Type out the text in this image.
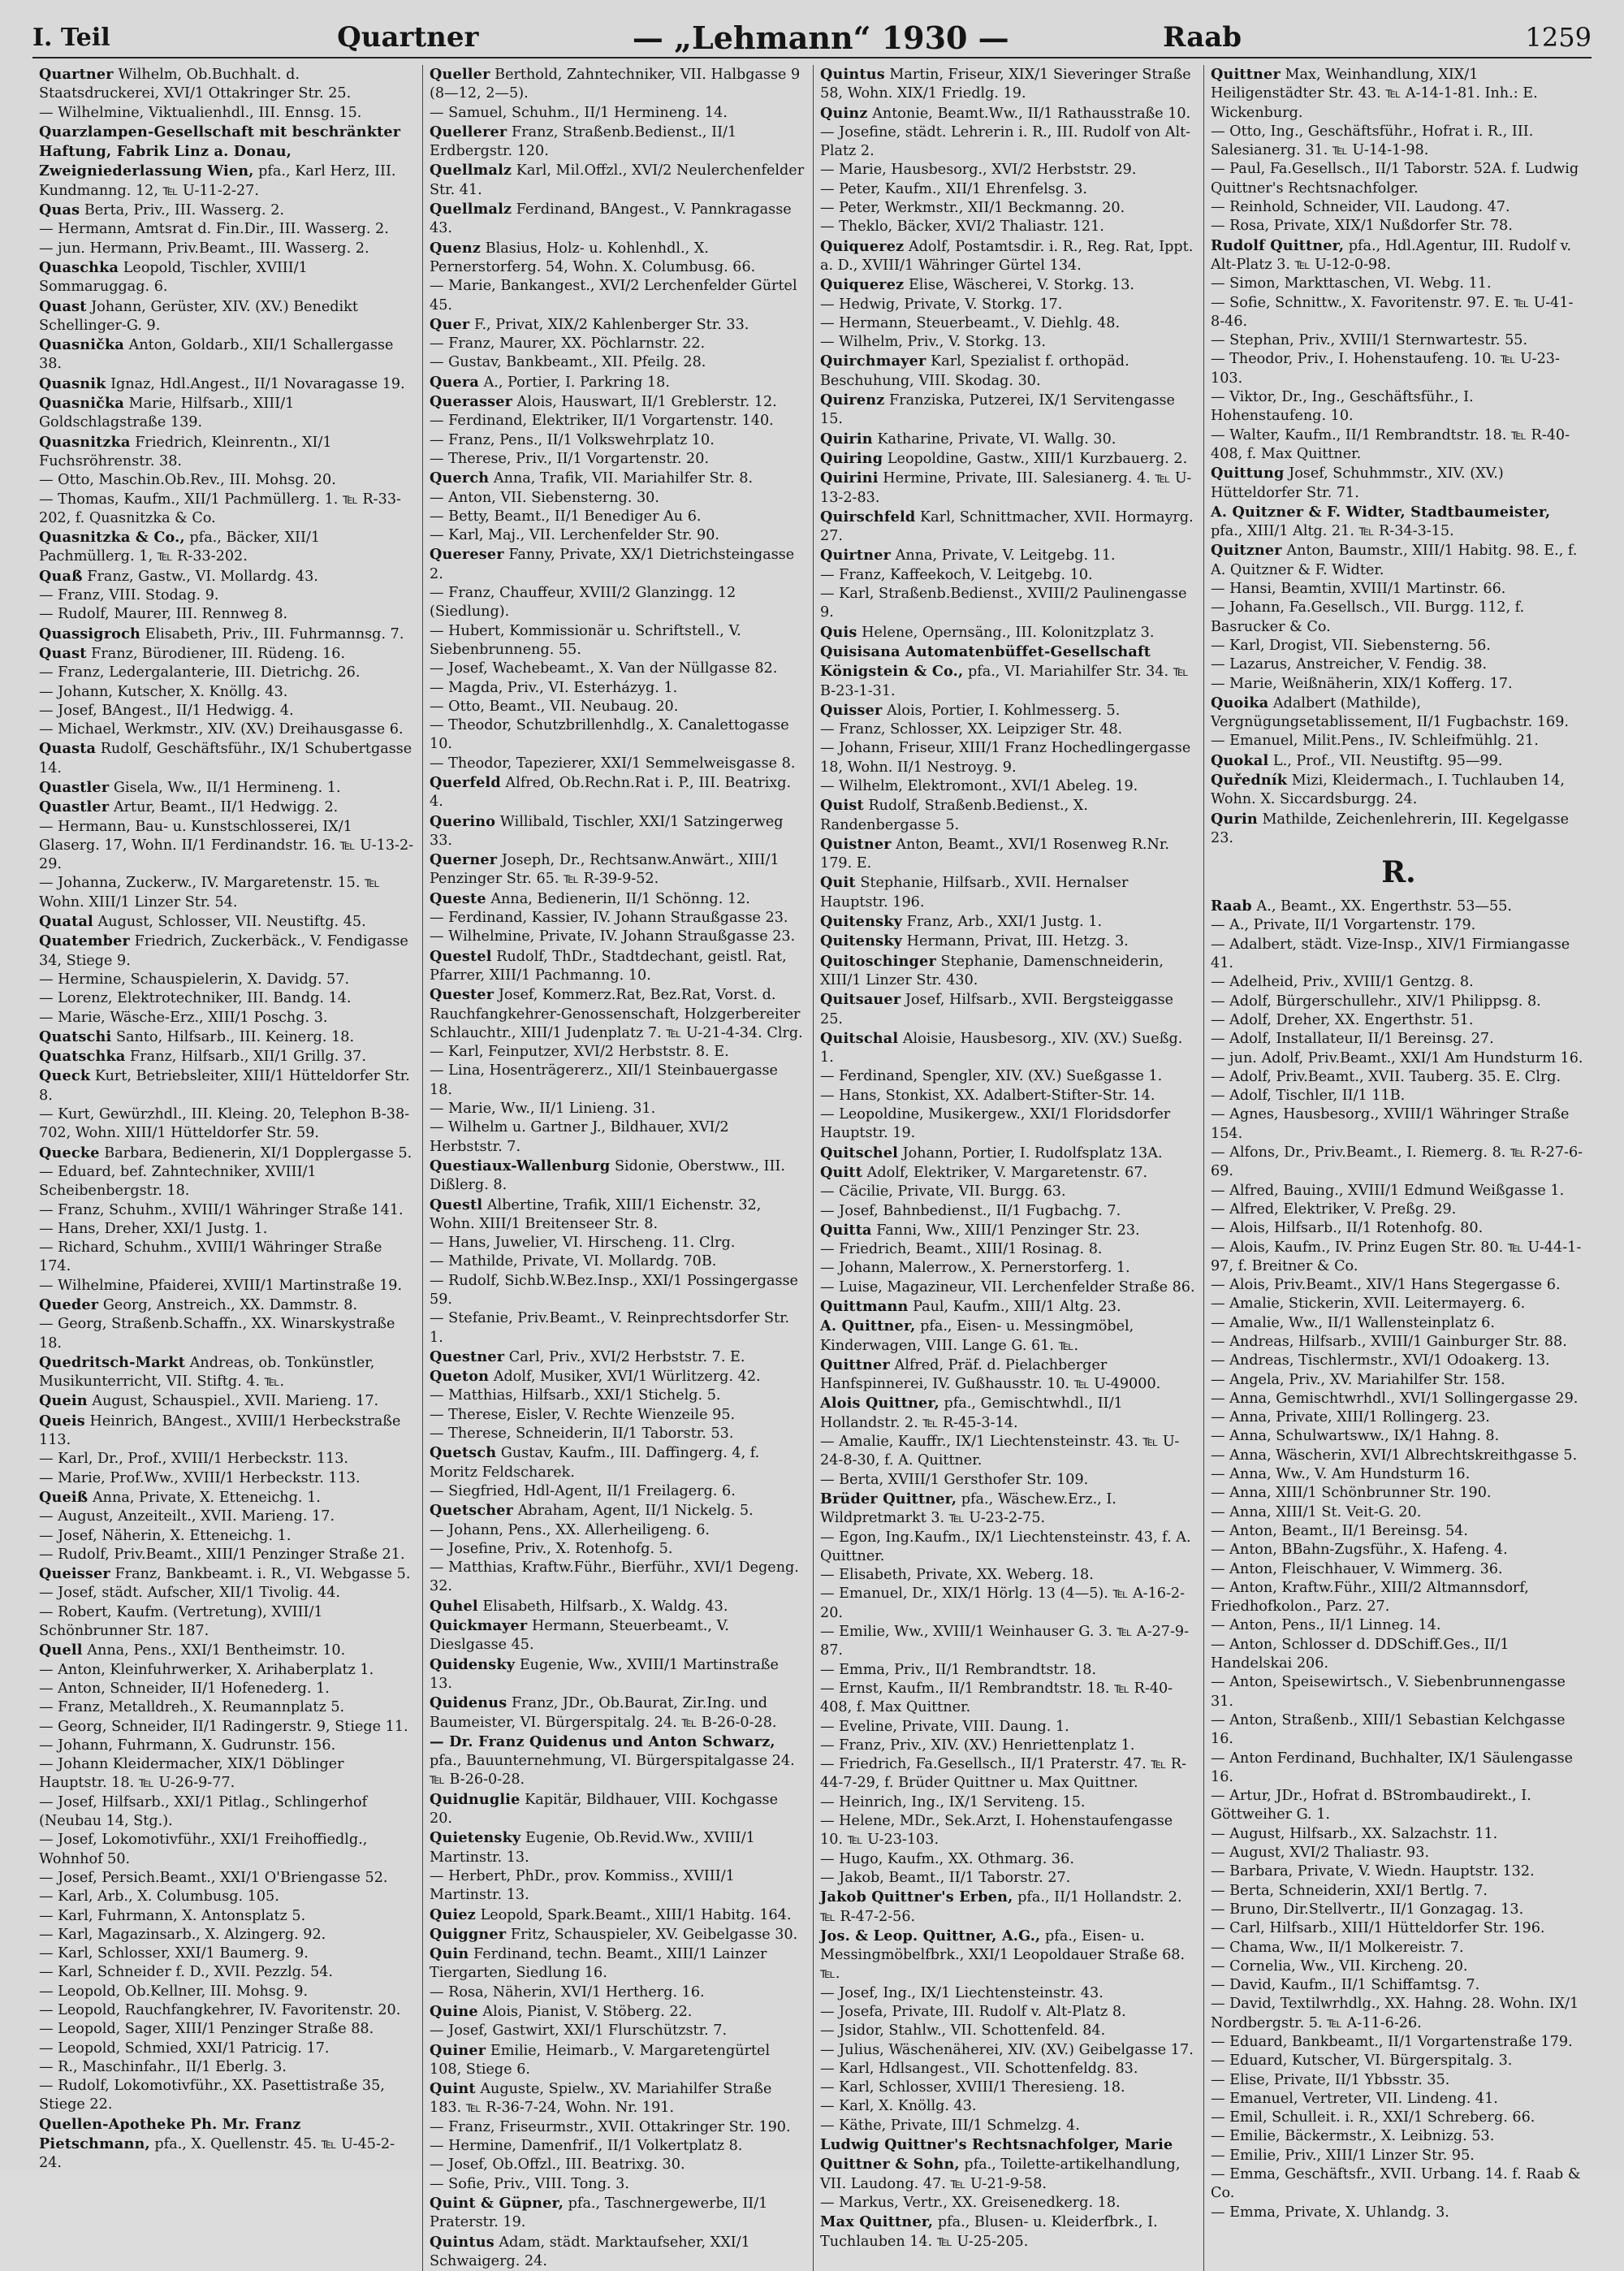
I. Teil	Quartner	— „Lehmann“ 1930 —	Raab	1259

Quartner Wilhelm, Ob.Buchhalt. d. Staatsdruckerei, XVI/1 Ottakringer Str. 25.

— Wilhelmine, Viktualienhdl., III. Ennsg. 15.

Quarzlampen-Gesellschaft mit beschränkter Haftung, Fabrik Linz a. Donau, Zweigniederlassung Wien, pfa., Karl Herz, III. Kundmanng. 12, ℡ U-11-2-27.

Quas Berta, Priv., III. Wasserg. 2.

— Hermann, Amtsrat d. Fin.Dir., III. Wasserg. 2.

— jun. Hermann, Priv.Beamt., III. Wasserg. 2.

Quaschka Leopold, Tischler, XVIII/1 Sommaruggag. 6.

Quast Johann, Gerüster, XIV. (XV.) Benedikt Schellinger-G. 9.

Quasnička Anton, Goldarb., XII/1 Schallergasse 38.

Quasnik Ignaz, Hdl.Angest., II/1 Novaragasse 19.

Quasnička Marie, Hilfsarb., XIII/1 Goldschlagstraße 139.

Quasnitzka Friedrich, Kleinrentn., XI/1 Fuchsröhrenstr. 38.

— Otto, Maschin.Ob.Rev., III. Mohsg. 20.

— Thomas, Kaufm., XII/1 Pachmüllerg. 1. ℡ R-33-202, f. Quasnitzka & Co.

Quasnitzka & Co., pfa., Bäcker, XII/1 Pachmüllerg. 1, ℡ R-33-202.

Quaß Franz, Gastw., VI. Mollardg. 43.

— Franz, VIII. Stodag. 9.

— Rudolf, Maurer, III. Rennweg 8.

Quassigroch Elisabeth, Priv., III. Fuhrmannsg. 7.

Quast Franz, Bürodiener, III. Rüdeng. 16.

— Franz, Ledergalanterie, III. Dietrichg. 26.

— Johann, Kutscher, X. Knöllg. 43.

— Josef, BAngest., II/1 Hedwigg. 4.

— Michael, Werkmstr., XIV. (XV.) Dreihausgasse 6.

Quasta Rudolf, Geschäftsführ., IX/1 Schubertgasse 14.

Quastler Gisela, Ww., II/1 Hermineng. 1.

Quastler Artur, Beamt., II/1 Hedwigg. 2.

— Hermann, Bau- u. Kunstschlosserei, IX/1 Glaserg. 17, Wohn. II/1 Ferdinandstr. 16. ℡ U-13-2-29.

— Johanna, Zuckerw., IV. Margaretenstr. 15. ℡ Wohn. XIII/1 Linzer Str. 54.

Quatal August, Schlosser, VII. Neustiftg. 45.

Quatember Friedrich, Zuckerbäck., V. Fendigasse 34, Stiege 9.

— Hermine, Schauspielerin, X. Davidg. 57.

— Lorenz, Elektrotechniker, III. Bandg. 14.

— Marie, Wäsche-Erz., XIII/1 Poschg. 3.

Quatschi Santo, Hilfsarb., III. Keinerg. 18.

Quatschka Franz, Hilfsarb., XII/1 Grillg. 37.

Queck Kurt, Betriebsleiter, XIII/1 Hütteldorfer Str. 8.

— Kurt, Gewürzhdl., III. Kleing. 20, Telephon B-38-702, Wohn. XIII/1 Hütteldorfer Str. 59.

Quecke Barbara, Bedienerin, XI/1 Dopplergasse 5.

— Eduard, bef. Zahntechniker, XVIII/1 Scheibenbergstr. 18.

— Franz, Schuhm., XVIII/1 Währinger Straße 141.

— Hans, Dreher, XXI/1 Justg. 1.

— Richard, Schuhm., XVIII/1 Währinger Straße 174.

— Wilhelmine, Pfaiderei, XVIII/1 Martinstraße 19.

Queder Georg, Anstreich., XX. Dammstr. 8.

— Georg, Straßenb.Schaffn., XX. Winarskystraße 18.

Quedritsch-Markt Andreas, ob. Tonkünstler, Musikunterricht, VII. Stiftg. 4. ℡.

Quein August, Schauspiel., XVII. Marieng. 17.

Queis Heinrich, BAngest., XVIII/1 Herbeckstraße 113.

— Karl, Dr., Prof., XVIII/1 Herbeckstr. 113.

— Marie, Prof.Ww., XVIII/1 Herbeckstr. 113.

Queiß Anna, Private, X. Etteneichg. 1.

— August, Anzeiteilt., XVII. Marieng. 17.

— Josef, Näherin, X. Etteneichg. 1.

— Rudolf, Priv.Beamt., XIII/1 Penzinger Straße 21.

Queisser Franz, Bankbeamt. i. R., VI. Webgasse 5.

— Josef, städt. Aufscher, XII/1 Tivolig. 44.

— Robert, Kaufm. (Vertretung), XVIII/1 Schönbrunner Str. 187.

Quell Anna, Pens., XXI/1 Bentheimstr. 10.

— Anton, Kleinfuhrwerker, X. Arihaberplatz 1.

— Anton, Schneider, II/1 Hofenederg. 1.

— Franz, Metalldreh., X. Reumannplatz 5.

— Georg, Schneider, II/1 Radingerstr. 9, Stiege 11.

— Johann, Fuhrmann, X. Gudrunstr. 156.

— Johann Kleidermacher, XIX/1 Döblinger Hauptstr. 18. ℡ U-26-9-77.

— Josef, Hilfsarb., XXI/1 Pitlag., Schlingerhof (Neubau 14, Stg.).

— Josef, Lokomotivführ., XXI/1 Freihoffiedlg., Wohnhof 50.

— Josef, Persich.Beamt., XXI/1 O'Briengasse 52.

— Karl, Arb., X. Columbusg. 105.

— Karl, Fuhrmann, X. Antonsplatz 5.

— Karl, Magazinsarb., X. Alzingerg. 92.

— Karl, Schlosser, XXI/1 Baumerg. 9.

— Karl, Schneider f. D., XVII. Pezzlg. 54.

— Leopold, Ob.Kellner, III. Mohsg. 9.

— Leopold, Rauchfangkehrer, IV. Favoritenstr. 20.

— Leopold, Sager, XIII/1 Penzinger Straße 88.

— Leopold, Schmied, XXI/1 Patricig. 17.

— R., Maschinfahr., II/1 Eberlg. 3.

— Rudolf, Lokomotivführ., XX. Pasettistraße 35, Stiege 22.

Quellen-Apotheke Ph. Mr. Franz Pietschmann, pfa., X. Quellenstr. 45. ℡ U-45-2-24.

Queller Berthold, Zahntechniker, VII. Halbgasse 9 (8—12, 2—5).

— Samuel, Schuhm., II/1 Hermineng. 14.

Quellerer Franz, Straßenb.Bedienst., II/1 Erdbergstr. 120.

Quellmalz Karl, Mil.Offzl., XVI/2 Neulerchenfelder Str. 41.

Quellmalz Ferdinand, BAngest., V. Pannkragasse 43.

Quenz Blasius, Holz- u. Kohlenhdl., X. Pernerstorferg. 54, Wohn. X. Columbusg. 66.

— Marie, Bankangest., XVI/2 Lerchenfelder Gürtel 45.

Quer F., Privat, XIX/2 Kahlenberger Str. 33.

— Franz, Maurer, XX. Pöchlarnstr. 22.

— Gustav, Bankbeamt., XII. Pfeilg. 28.

Quera A., Portier, I. Parkring 18.

Querasser Alois, Hauswart, II/1 Greblerstr. 12.

— Ferdinand, Elektriker, II/1 Vorgartenstr. 140.

— Franz, Pens., II/1 Volkswehrplatz 10.

— Therese, Priv., II/1 Vorgartenstr. 20.

Querch Anna, Trafik, VII. Mariahilfer Str. 8.

— Anton, VII. Siebensterng. 30.

— Betty, Beamt., II/1 Benediger Au 6.

— Karl, Maj., VII. Lerchenfelder Str. 90.

Quereser Fanny, Private, XX/1 Dietrichsteingasse 2.

— Franz, Chauffeur, XVIII/2 Glanzingg. 12 (Siedlung).

— Hubert, Kommissionär u. Schriftstell., V. Siebenbrunneng. 55.

— Josef, Wachebeamt., X. Van der Nüllgasse 82.

— Magda, Priv., VI. Esterházyg. 1.

— Otto, Beamt., VII. Neubaug. 20.

— Theodor, Schutzbrillenhdlg., X. Canalettogasse 10.

— Theodor, Tapezierer, XXI/1 Semmelweisgasse 8.

Querfeld Alfred, Ob.Rechn.Rat i. P., III. Beatrixg. 4.

Querino Willibald, Tischler, XXI/1 Satzingerweg 33.

Querner Joseph, Dr., Rechtsanw.Anwärt., XIII/1 Penzinger Str. 65. ℡ R-39-9-52.

Queste Anna, Bedienerin, II/1 Schönng. 12.

— Ferdinand, Kassier, IV. Johann Straußgasse 23.

— Wilhelmine, Private, IV. Johann Straußgasse 23.

Questel Rudolf, ThDr., Stadtdechant, geistl. Rat, Pfarrer, XIII/1 Pachmanng. 10.

Quester Josef, Kommerz.Rat, Bez.Rat, Vorst. d. Rauchfangkehrer-Genossenschaft, Holzgerbereiter Schlauchtr., XIII/1 Judenplatz 7. ℡ U-21-4-34. Clrg.

— Karl, Feinputzer, XVI/2 Herbststr. 8. E.

— Lina, Hosenträgererz., XII/1 Steinbauergasse 18.

— Marie, Ww., II/1 Linieng. 31.

— Wilhelm u. Gartner J., Bildhauer, XVI/2 Herbststr. 7.

Questiaux-Wallenburg Sidonie, Oberstww., III. Dißlerg. 8.

Questl Albertine, Trafik, XIII/1 Eichenstr. 32, Wohn. XIII/1 Breitenseer Str. 8.

— Hans, Juwelier, VI. Hirscheng. 11. Clrg.

— Mathilde, Private, VI. Mollardg. 70B.

— Rudolf, Sichb.W.Bez.Insp., XXI/1 Possingergasse 59.

— Stefanie, Priv.Beamt., V. Reinprechtsdorfer Str. 1.

Questner Carl, Priv., XVI/2 Herbststr. 7. E.

Queton Adolf, Musiker, XVI/1 Würlitzerg. 42.

— Matthias, Hilfsarb., XXI/1 Stichelg. 5.

— Therese, Eisler, V. Rechte Wienzeile 95.

— Therese, Schneiderin, II/1 Taborstr. 53.

Quetsch Gustav, Kaufm., III. Daffingerg. 4, f. Moritz Feldscharek.

— Siegfried, Hdl-Agent, II/1 Freilagerg. 6.

Quetscher Abraham, Agent, II/1 Nickelg. 5.

— Johann, Pens., XX. Allerheiligeng. 6.

— Josefine, Priv., X. Rotenhofg. 5.

— Matthias, Kraftw.Führ., Bierführ., XVI/1 Degeng. 32.

Quhel Elisabeth, Hilfsarb., X. Waldg. 43.

Quickmayer Hermann, Steuerbeamt., V. Dieslgasse 45.

Quidensky Eugenie, Ww., XVIII/1 Martinstraße 13.

Quidenus Franz, JDr., Ob.Baurat, Zir.Ing. und Baumeister, VI. Bürgerspitalg. 24. ℡ B-26-0-28.

— Dr. Franz Quidenus und Anton Schwarz, pfa., Bauunternehmung, VI. Bürgerspitalgasse 24. ℡ B-26-0-28.

Quidnuglie Kapitär, Bildhauer, VIII. Kochgasse 20.

Quietensky Eugenie, Ob.Revid.Ww., XVIII/1 Martinstr. 13.

— Herbert, PhDr., prov. Kommiss., XVIII/1 Martinstr. 13.

Quiez Leopold, Spark.Beamt., XIII/1 Habitg. 164.

Quiggner Fritz, Schauspieler, XV. Geibelgasse 30.

Quin Ferdinand, techn. Beamt., XIII/1 Lainzer Tiergarten, Siedlung 16.

— Rosa, Näherin, XVI/1 Hertherg. 16.

Quine Alois, Pianist, V. Stöberg. 22.

— Josef, Gastwirt, XXI/1 Flurschützstr. 7.

Quiner Emilie, Heimarb., V. Margaretengürtel 108, Stiege 6.

Quint Auguste, Spielw., XV. Mariahilfer Straße 183. ℡ R-36-7-24, Wohn. Nr. 191.

— Franz, Friseurmstr., XVII. Ottakringer Str. 190.

— Hermine, Damenfrif., II/1 Volkertplatz 8.

— Josef, Ob.Offzl., III. Beatrixg. 30.

— Sofie, Priv., VIII. Tong. 3.

Quint & Güpner, pfa., Taschnergewerbe, II/1 Praterstr. 19.

Quintus Adam, städt. Marktaufseher, XXI/1 Schwaigerg. 24.

Quintus Martin, Friseur, XIX/1 Sieveringer Straße 58, Wohn. XIX/1 Friedlg. 19.

Quinz Antonie, Beamt.Ww., II/1 Rathausstraße 10.

— Josefine, städt. Lehrerin i. R., III. Rudolf von Alt-Platz 2.

— Marie, Hausbesorg., XVI/2 Herbststr. 29.

— Peter, Kaufm., XII/1 Ehrenfelsg. 3.

— Peter, Werkmstr., XII/1 Beckmanng. 20.

— Theklo, Bäcker, XVI/2 Thaliastr. 121.

Quiquerez Adolf, Postamtsdir. i. R., Reg. Rat, Ippt. a. D., XVIII/1 Währinger Gürtel 134.

Quiquerez Elise, Wäscherei, V. Storkg. 13.

— Hedwig, Private, V. Storkg. 17.

— Hermann, Steuerbeamt., V. Diehlg. 48.

— Wilhelm, Priv., V. Storkg. 13.

Quirchmayer Karl, Spezialist f. orthopäd. Beschuhung, VIII. Skodag. 30.

Quirenz Franziska, Putzerei, IX/1 Servitengasse 15.

Quirin Katharine, Private, VI. Wallg. 30.

Quiring Leopoldine, Gastw., XIII/1 Kurzbauerg. 2.

Quirini Hermine, Private, III. Salesianerg. 4. ℡ U-13-2-83.

Quirschfeld Karl, Schnittmacher, XVII. Hormayrg. 27.

Quirtner Anna, Private, V. Leitgebg. 11.

— Franz, Kaffeekoch, V. Leitgebg. 10.

— Karl, Straßenb.Bedienst., XVIII/2 Paulinengasse 9.

Quis Helene, Opernsäng., III. Kolonitzplatz 3.

Quisisana Automatenbüffet-Gesellschaft Königstein & Co., pfa., VI. Mariahilfer Str. 34. ℡ B-23-1-31.

Quisser Alois, Portier, I. Kohlmesserg. 5.

— Franz, Schlosser, XX. Leipziger Str. 48.

— Johann, Friseur, XIII/1 Franz Hochedlingergasse 18, Wohn. II/1 Nestroyg. 9.

— Wilhelm, Elektromont., XVI/1 Abeleg. 19.

Quist Rudolf, Straßenb.Bedienst., X. Randenbergasse 5.

Quistner Anton, Beamt., XVI/1 Rosenweg R.Nr. 179. E.

Quit Stephanie, Hilfsarb., XVII. Hernalser Hauptstr. 196.

Quitensky Franz, Arb., XXI/1 Justg. 1.

Quitensky Hermann, Privat, III. Hetzg. 3.

Quitoschinger Stephanie, Damenschneiderin, XIII/1 Linzer Str. 430.

Quitsauer Josef, Hilfsarb., XVII. Bergsteiggasse 25.

Quitschal Aloisie, Hausbesorg., XIV. (XV.) Sueßg. 1.

— Ferdinand, Spengler, XIV. (XV.) Sueßgasse 1.

— Hans, Stonkist, XX. Adalbert-Stifter-Str. 14.

— Leopoldine, Musikergew., XXI/1 Floridsdorfer Hauptstr. 19.

Quitschel Johann, Portier, I. Rudolfsplatz 13A.

Quitt Adolf, Elektriker, V. Margaretenstr. 67.

— Cäcilie, Private, VII. Burgg. 63.

— Josef, Bahnbedienst., II/1 Fugbachg. 7.

Quitta Fanni, Ww., XIII/1 Penzinger Str. 23.

— Friedrich, Beamt., XIII/1 Rosinag. 8.

— Johann, Malerrow., X. Pernerstorferg. 1.

— Luise, Magazineur, VII. Lerchenfelder Straße 86.

Quittmann Paul, Kaufm., XIII/1 Altg. 23.

A. Quittner, pfa., Eisen- u. Messingmöbel, Kinderwagen, VIII. Lange G. 61. ℡.

Quittner Alfred, Präf. d. Pielachberger Hanfspinnerei, IV. Gußhausstr. 10. ℡ U-49000.

Alois Quittner, pfa., Gemischtwhdl., II/1 Hollandstr. 2. ℡ R-45-3-14.

— Amalie, Kauffr., IX/1 Liechtensteinstr. 43. ℡ U-24-8-30, f. A. Quittner.

— Berta, XVIII/1 Gersthofer Str. 109.

Brüder Quittner, pfa., Wäschew.Erz., I. Wildpretmarkt 3. ℡ U-23-2-75.

— Egon, Ing.Kaufm., IX/1 Liechtensteinstr. 43, f. A. Quittner.

— Elisabeth, Private, XX. Weberg. 18.

— Emanuel, Dr., XIX/1 Hörlg. 13 (4—5). ℡ A-16-2-20.

— Emilie, Ww., XVIII/1 Weinhauser G. 3. ℡ A-27-9-87.

— Emma, Priv., II/1 Rembrandtstr. 18.

— Ernst, Kaufm., II/1 Rembrandtstr. 18. ℡ R-40-408, f. Max Quittner.

— Eveline, Private, VIII. Daung. 1.

— Franz, Priv., XIV. (XV.) Henriettenplatz 1.

— Friedrich, Fa.Gesellsch., II/1 Praterstr. 47. ℡ R-44-7-29, f. Brüder Quittner u. Max Quittner.

— Heinrich, Ing., IX/1 Serviteng. 15.

— Helene, MDr., Sek.Arzt, I. Hohenstaufengasse 10. ℡ U-23-103.

— Hugo, Kaufm., XX. Othmarg. 36.

— Jakob, Beamt., II/1 Taborstr. 27.

Jakob Quittner's Erben, pfa., II/1 Hollandstr. 2. ℡ R-47-2-56.

Jos. & Leop. Quittner, A.G., pfa., Eisen- u. Messingmöbelfbrk., XXI/1 Leopoldauer Straße 68. ℡.

— Josef, Ing., IX/1 Liechtensteinstr. 43.

— Josefa, Private, III. Rudolf v. Alt-Platz 8.

— Jsidor, Stahlw., VII. Schottenfeld. 84.

— Julius, Wäschenäherei, XIV. (XV.) Geibelgasse 17.

— Karl, Hdlsangest., VII. Schottenfeldg. 83.

— Karl, Schlosser, XVIII/1 Theresieng. 18.

— Karl, X. Knöllg. 43.

— Käthe, Private, III/1 Schmelzg. 4.

Ludwig Quittner's Rechtsnachfolger, Marie Quittner & Sohn, pfa., Toilette-artikelhandlung, VII. Laudong. 47. ℡ U-21-9-58.

— Markus, Vertr., XX. Greisenedkerg. 18.

Max Quittner, pfa., Blusen- u. Kleiderfbrk., I. Tuchlauben 14. ℡ U-25-205.

Quittner Max, Weinhandlung, XIX/1 Heiligenstädter Str. 43. ℡ A-14-1-81. Inh.: E. Wickenburg.

— Otto, Ing., Geschäftsführ., Hofrat i. R., III. Salesianerg. 31. ℡ U-14-1-98.

— Paul, Fa.Gesellsch., II/1 Taborstr. 52A. f. Ludwig Quittner's Rechtsnachfolger.

— Reinhold, Schneider, VII. Laudong. 47.

— Rosa, Private, XIX/1 Nußdorfer Str. 78.

Rudolf Quittner, pfa., Hdl.Agentur, III. Rudolf v. Alt-Platz 3. ℡ U-12-0-98.

— Simon, Markttaschen, VI. Webg. 11.

— Sofie, Schnittw., X. Favoritenstr. 97. E. ℡ U-41-8-46.

— Stephan, Priv., XVIII/1 Sternwartestr. 55.

— Theodor, Priv., I. Hohenstaufeng. 10. ℡ U-23-103.

— Viktor, Dr., Ing., Geschäftsführ., I. Hohenstaufeng. 10.

— Walter, Kaufm., II/1 Rembrandtstr. 18. ℡ R-40-408, f. Max Quittner.

Quittung Josef, Schuhmmstr., XIV. (XV.) Hütteldorfer Str. 71.

A. Quitzner & F. Widter, Stadtbaumeister, pfa., XIII/1 Altg. 21. ℡ R-34-3-15.

Quitzner Anton, Baumstr., XIII/1 Habitg. 98. E., f. A. Quitzner & F. Widter.

— Hansi, Beamtin, XVIII/1 Martinstr. 66.

— Johann, Fa.Gesellsch., VII. Burgg. 112, f. Basrucker & Co.

— Karl, Drogist, VII. Siebensterng. 56.

— Lazarus, Anstreicher, V. Fendig. 38.

— Marie, Weißnäherin, XIX/1 Kofferg. 17.

Quoika Adalbert (Mathilde), Vergnügungsetablissement, II/1 Fugbachstr. 169.

— Emanuel, Milit.Pens., IV. Schleifmühlg. 21.

Quokal L., Prof., VII. Neustiftg. 95—99.

Quředník Mizi, Kleidermach., I. Tuchlauben 14, Wohn. X. Siccardsburgg. 24.

Qurin Mathilde, Zeichenlehrerin, III. Kegelgasse 23.

R.

Raab A., Beamt., XX. Engerthstr. 53—55.

— A., Private, II/1 Vorgartenstr. 179.

— Adalbert, städt. Vize-Insp., XIV/1 Firmiangasse 41.

— Adelheid, Priv., XVIII/1 Gentzg. 8.

— Adolf, Bürgerschullehr., XIV/1 Philippsg. 8.

— Adolf, Dreher, XX. Engerthstr. 51.

— Adolf, Installateur, II/1 Bereinsg. 27.

— jun. Adolf, Priv.Beamt., XXI/1 Am Hundsturm 16.

— Adolf, Priv.Beamt., XVII. Tauberg. 35. E. Clrg.

— Adolf, Tischler, II/1 11B.

— Agnes, Hausbesorg., XVIII/1 Währinger Straße 154.

— Alfons, Dr., Priv.Beamt., I. Riemerg. 8. ℡ R-27-6-69.

— Alfred, Bauing., XVIII/1 Edmund Weißgasse 1.

— Alfred, Elektriker, V. Preßg. 29.

— Alois, Hilfsarb., II/1 Rotenhofg. 80.

— Alois, Kaufm., IV. Prinz Eugen Str. 80. ℡ U-44-1-97, f. Breitner & Co.

— Alois, Priv.Beamt., XIV/1 Hans Stegergasse 6.

— Amalie, Stickerin, XVII. Leitermayerg. 6.

— Amalie, Ww., II/1 Wallensteinplatz 6.

— Andreas, Hilfsarb., XVIII/1 Gainburger Str. 88.

— Andreas, Tischlermstr., XVI/1 Odoakerg. 13.

— Angela, Priv., XV. Mariahilfer Str. 158.

— Anna, Gemischtwrhdl., XVI/1 Sollingergasse 29.

— Anna, Private, XIII/1 Rollingerg. 23.

— Anna, Schulwartsww., IX/1 Hahng. 8.

— Anna, Wäscherin, XVI/1 Albrechtskreithgasse 5.

— Anna, Ww., V. Am Hundsturm 16.

— Anna, XIII/1 Schönbrunner Str. 190.

— Anna, XIII/1 St. Veit-G. 20.

— Anton, Beamt., II/1 Bereinsg. 54.

— Anton, BBahn-Zugsführ., X. Hafeng. 4.

— Anton, Fleischhauer, V. Wimmerg. 36.

— Anton, Kraftw.Führ., XIII/2 Altmannsdorf, Friedhofkolon., Parz. 27.

— Anton, Pens., II/1 Linneg. 14.

— Anton, Schlosser d. DDSchiff.Ges., II/1 Handelskai 206.

— Anton, Speisewirtsch., V. Siebenbrunnengasse 31.

— Anton, Straßenb., XIII/1 Sebastian Kelchgasse 16.

— Anton Ferdinand, Buchhalter, IX/1 Säulengasse 16.

— Artur, JDr., Hofrat d. BStrombaudirekt., I. Göttweiher G. 1.

— August, Hilfsarb., XX. Salzachstr. 11.

— August, XVI/2 Thaliastr. 93.

— Barbara, Private, V. Wiedn. Hauptstr. 132.

— Berta, Schneiderin, XXI/1 Bertlg. 7.

— Bruno, Dir.Stellvertr., II/1 Gonzagag. 13.

— Carl, Hilfsarb., XIII/1 Hütteldorfer Str. 196.

— Chama, Ww., II/1 Molkereistr. 7.

— Cornelia, Ww., VII. Kircheng. 20.

— David, Kaufm., II/1 Schiffamtsg. 7.

— David, Textilwrhdlg., XX. Hahng. 28. Wohn. IX/1 Nordbergstr. 5. ℡ A-11-6-26.

— Eduard, Bankbeamt., II/1 Vorgartenstraße 179.

— Eduard, Kutscher, VI. Bürgerspitalg. 3.

— Elise, Private, II/1 Ybbsstr. 35.

— Emanuel, Vertreter, VII. Lindeng. 41.

— Emil, Schulleit. i. R., XXI/1 Schreberg. 66.

— Emilie, Bäckermstr., X. Leibnizg. 53.

— Emilie, Priv., XIII/1 Linzer Str. 95.

— Emma, Geschäftsfr., XVII. Urbang. 14. f. Raab & Co.

— Emma, Private, X. Uhlandg. 3.
